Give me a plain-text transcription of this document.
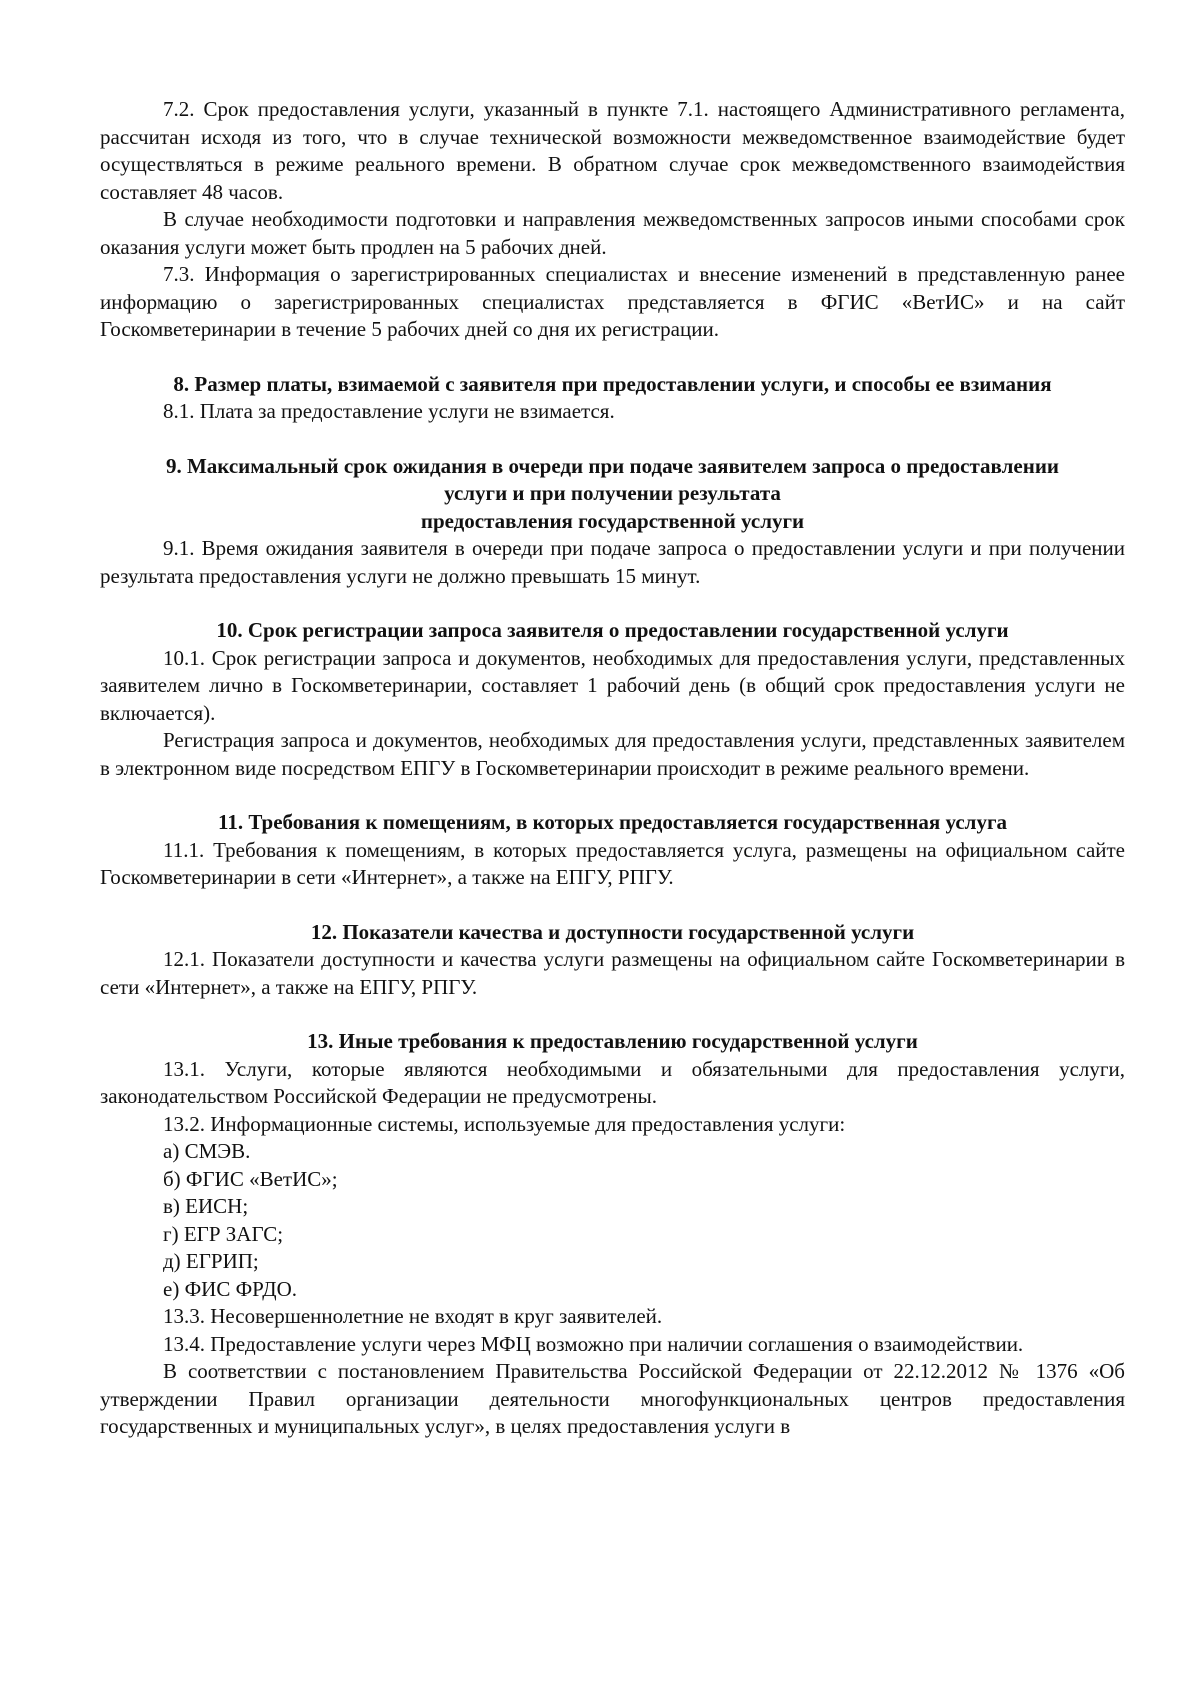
7.2. Срок предоставления услуги, указанный в пункте 7.1. настоящего Административного регламента, рассчитан исходя из того, что в случае технической возможности межведомственное взаимодействие будет осуществляться в режиме реального времени. В обратном случае срок межведомственного взаимодействия составляет 48 часов.

В случае необходимости подготовки и направления межведомственных запросов иными способами срок оказания услуги может быть продлен на 5 рабочих дней.

7.3. Информация о зарегистрированных специалистах и внесение изменений в представленную ранее информацию о зарегистрированных специалистах представляется в ФГИС «ВетИС» и на сайт Госкомветеринарии в течение 5 рабочих дней со дня их регистрации.

8. Размер платы, взимаемой с заявителя при предоставлении услуги, и способы ее взимания

8.1. Плата за предоставление услуги не взимается.

9. Максимальный срок ожидания в очереди при подаче заявителем запроса о предоставлении услуги и при получении результата

предоставления государственной услуги

9.1. Время ожидания заявителя в очереди при подаче запроса о предоставлении услуги и при получении результата предоставления услуги не должно превышать 15 минут.

10. Срок регистрации запроса заявителя о предоставлении государственной услуги

10.1. Срок регистрации запроса и документов, необходимых для предоставления услуги, представленных заявителем лично в Госкомветеринарии, составляет 1 рабочий день (в общий срок предоставления услуги не включается).

Регистрация запроса и документов, необходимых для предоставления услуги, представленных заявителем в электронном виде посредством ЕПГУ в Госкомветеринарии происходит в режиме реального времени.

11. Требования к помещениям, в которых предоставляется государственная услуга

11.1. Требования к помещениям, в которых предоставляется услуга, размещены на официальном сайте Госкомветеринарии в сети «Интернет», а также на ЕПГУ, РПГУ.

12. Показатели качества и доступности государственной услуги

12.1. Показатели доступности и качества услуги размещены на официальном сайте Госкомветеринарии в сети «Интернет», а также на ЕПГУ, РПГУ.

13. Иные требования к предоставлению государственной услуги

13.1. Услуги, которые являются необходимыми и обязательными для предоставления услуги, законодательством Российской Федерации не предусмотрены.

13.2. Информационные системы, используемые для предоставления услуги:

а) СМЭВ.

б) ФГИС «ВетИС»;

в) ЕИСН;

г) ЕГР ЗАГС;

д) ЕГРИП;

е) ФИС ФРДО.

13.3. Несовершеннолетние не входят в круг заявителей.

13.4. Предоставление услуги через МФЦ возможно при наличии соглашения о взаимодействии.

В соответствии с постановлением Правительства Российской Федерации от 22.12.2012 № 1376 «Об утверждении Правил организации деятельности многофункциональных центров предоставления государственных и муниципальных услуг», в целях предоставления услуги в
